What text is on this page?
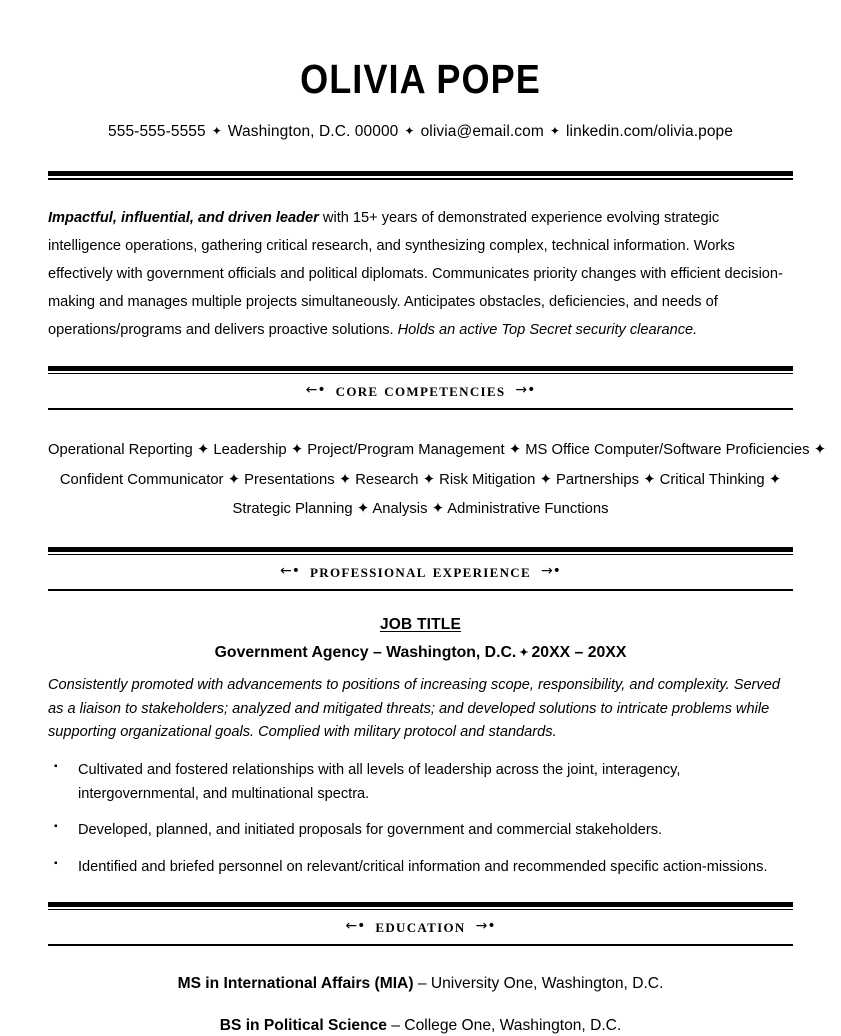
OLIVIA POPE
555-555-5555 ✦ Washington, D.C. 00000 ✦ olivia@email.com ✦ linkedin.com/olivia.pope
Impactful, influential, and driven leader with 15+ years of demonstrated experience evolving strategic intelligence operations, gathering critical research, and synthesizing complex, technical information. Works effectively with government officials and political diplomats. Communicates priority changes with efficient decision-making and manages multiple projects simultaneously. Anticipates obstacles, deficiencies, and needs of operations/programs and delivers proactive solutions. Holds an active Top Secret security clearance.
←• core competencies →•
Operational Reporting ✦ Leadership ✦ Project/Program Management ✦ MS Office Computer/Software Proficiencies ✦
Confident Communicator ✦ Presentations ✦ Research ✦ Risk Mitigation ✦ Partnerships ✦ Critical Thinking ✦
Strategic Planning ✦ Analysis ✦ Administrative Functions
←• professional experience →•
JOB TITLE
Government Agency – Washington, D.C. ✦ 20XX – 20XX
Consistently promoted with advancements to positions of increasing scope, responsibility, and complexity. Served as a liaison to stakeholders; analyzed and mitigated threats; and developed solutions to intricate problems while supporting organizational goals. Complied with military protocol and standards.
▪ Cultivated and fostered relationships with all levels of leadership across the joint, interagency, intergovernmental, and multinational spectra.
▪ Developed, planned, and initiated proposals for government and commercial stakeholders.
▪ Identified and briefed personnel on relevant/critical information and recommended specific action-missions.
←• education →•
MS in International Affairs (MIA) – University One, Washington, D.C.
BS in Political Science – College One, Washington, D.C.
